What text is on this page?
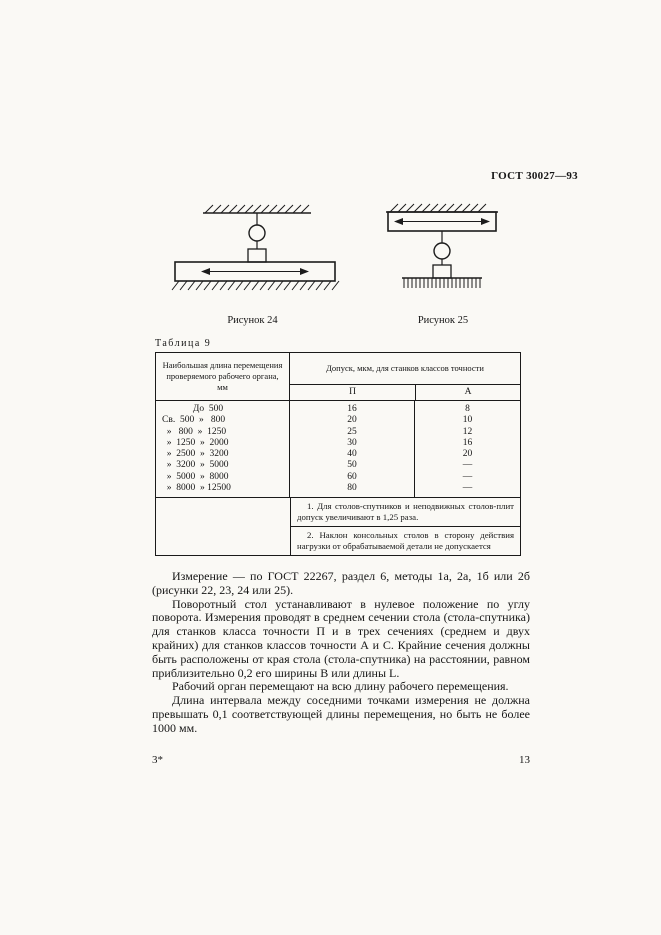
ГОСТ 30027—93
Рисунок 24	Рисунок 25
Таблица 9
Наибольшая длина перемещения проверяемого рабочего органа, мм
Допуск, мкм, для станков классов точности
П	А
До  500	16	8
Св.  500  »   800	20	10
»   800  »  1250	25	12
»  1250  »  2000	30	16
»  2500  »  3200	40	20
»  3200  »  5000	50	—
»  5000  »  8000	60	—
»  8000  » 12500	80	—

1. Для столов-спутников и неподвижных столов-плит допуск увеличивают в 1,25 раза.

2. Наклон консольных столов в сторону действия нагрузки от обрабатываемой детали не допускается

Измерение — по ГОСТ 22267, раздел 6, методы 1а, 2а, 1б или 2б (рисунки 22, 23, 24 или 25).

Поворотный стол устанавливают в нулевое положение по углу поворота. Измерения проводят в среднем сечении стола (стола-спутника) для станков класса точности П и в трех сечениях (среднем и двух крайних) для станков классов точности А и С. Крайние сечения должны быть расположены от края стола (стола-спутника) на расстоянии, равном приблизительно 0,2 его ширины В или длины L.

Рабочий орган перемещают на всю длину рабочего перемещения.

Длина интервала между соседними точками измерения не должна превышать 0,1 соответствующей длины перемещения, но быть не более 1000 мм.

3*	13
